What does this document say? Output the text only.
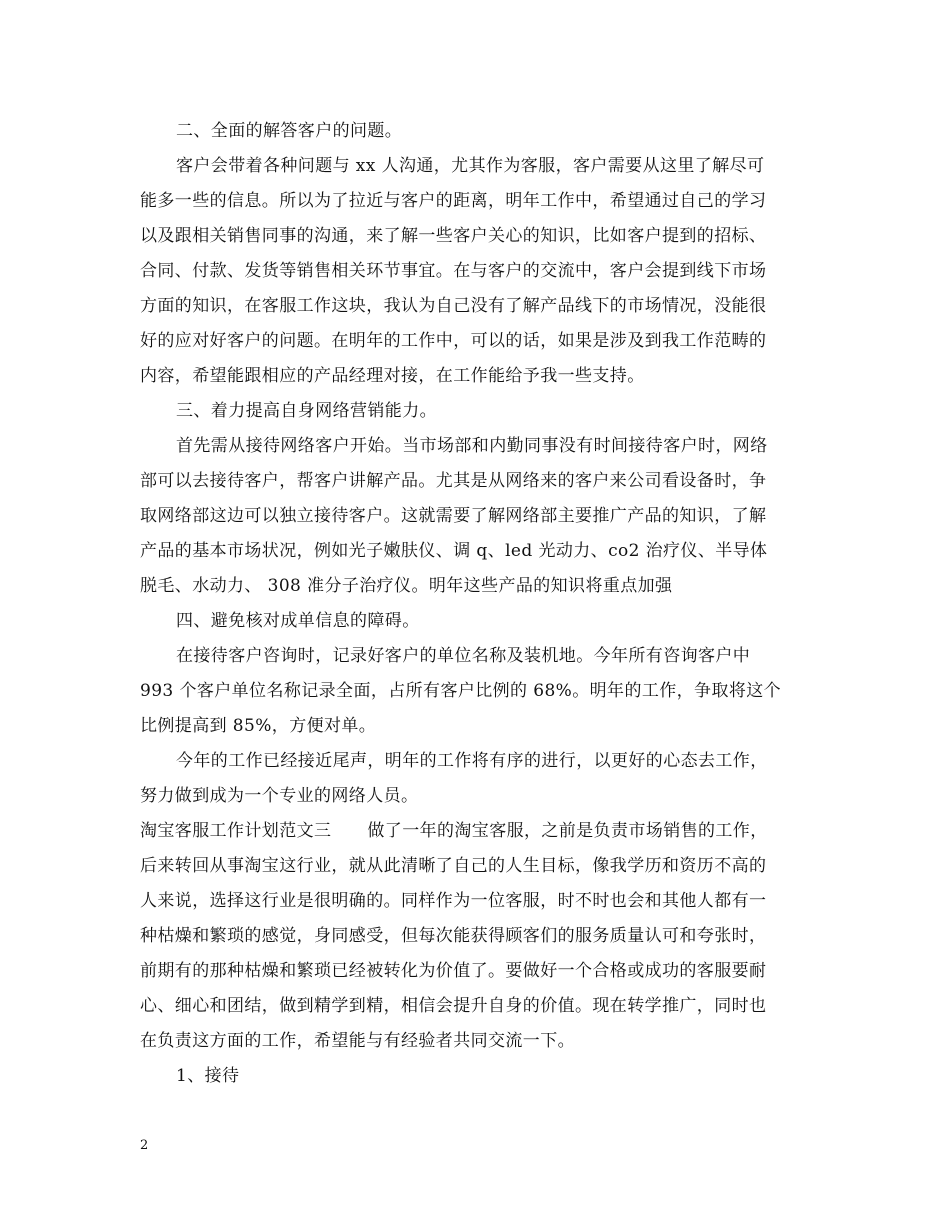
二、全面的解答客户的问题。
客户会带着各种问题与 xx 人沟通，尤其作为客服，客户需要从这里了解尽可
能多一些的信息。所以为了拉近与客户的距离，明年工作中，希望通过自己的学习
以及跟相关销售同事的沟通，来了解一些客户关心的知识，比如客户提到的招标、
合同、付款、发货等销售相关环节事宜。在与客户的交流中，客户会提到线下市场
方面的知识，在客服工作这块，我认为自己没有了解产品线下的市场情况，没能很
好的应对好客户的问题。在明年的工作中，可以的话，如果是涉及到我工作范畴的
内容，希望能跟相应的产品经理对接，在工作能给予我一些支持。
三、着力提高自身网络营销能力。
首先需从接待网络客户开始。当市场部和内勤同事没有时间接待客户时，网络
部可以去接待客户，帮客户讲解产品。尤其是从网络来的客户来公司看设备时，争
取网络部这边可以独立接待客户。这就需要了解网络部主要推广产品的知识，了解
产品的基本市场状况，例如光子嫩肤仪、调 q、led 光动力、co2 治疗仪、半导体
脱毛、水动力、 308 准分子治疗仪。明年这些产品的知识将重点加强
四、避免核对成单信息的障碍。
在接待客户咨询时，记录好客户的单位名称及装机地。今年所有咨询客户中
993 个客户单位名称记录全面，占所有客户比例的 68%。明年的工作，争取将这个
比例提高到 85%，方便对单。
今年的工作已经接近尾声，明年的工作将有序的进行，以更好的心态去工作，
努力做到成为一个专业的网络人员。
淘宝客服工作计划范文三 做了一年的淘宝客服，之前是负责市场销售的工作，
后来转回从事淘宝这行业，就从此清晰了自己的人生目标，像我学历和资历不高的
人来说，选择这行业是很明确的。同样作为一位客服，时不时也会和其他人都有一
种枯燥和繁琐的感觉，身同感受，但每次能获得顾客们的服务质量认可和夸张时，
前期有的那种枯燥和繁琐已经被转化为价值了。要做好一个合格或成功的客服要耐
心、细心和团结，做到精学到精，相信会提升自身的价值。现在转学推广，同时也
在负责这方面的工作，希望能与有经验者共同交流一下。
1、接待
2
